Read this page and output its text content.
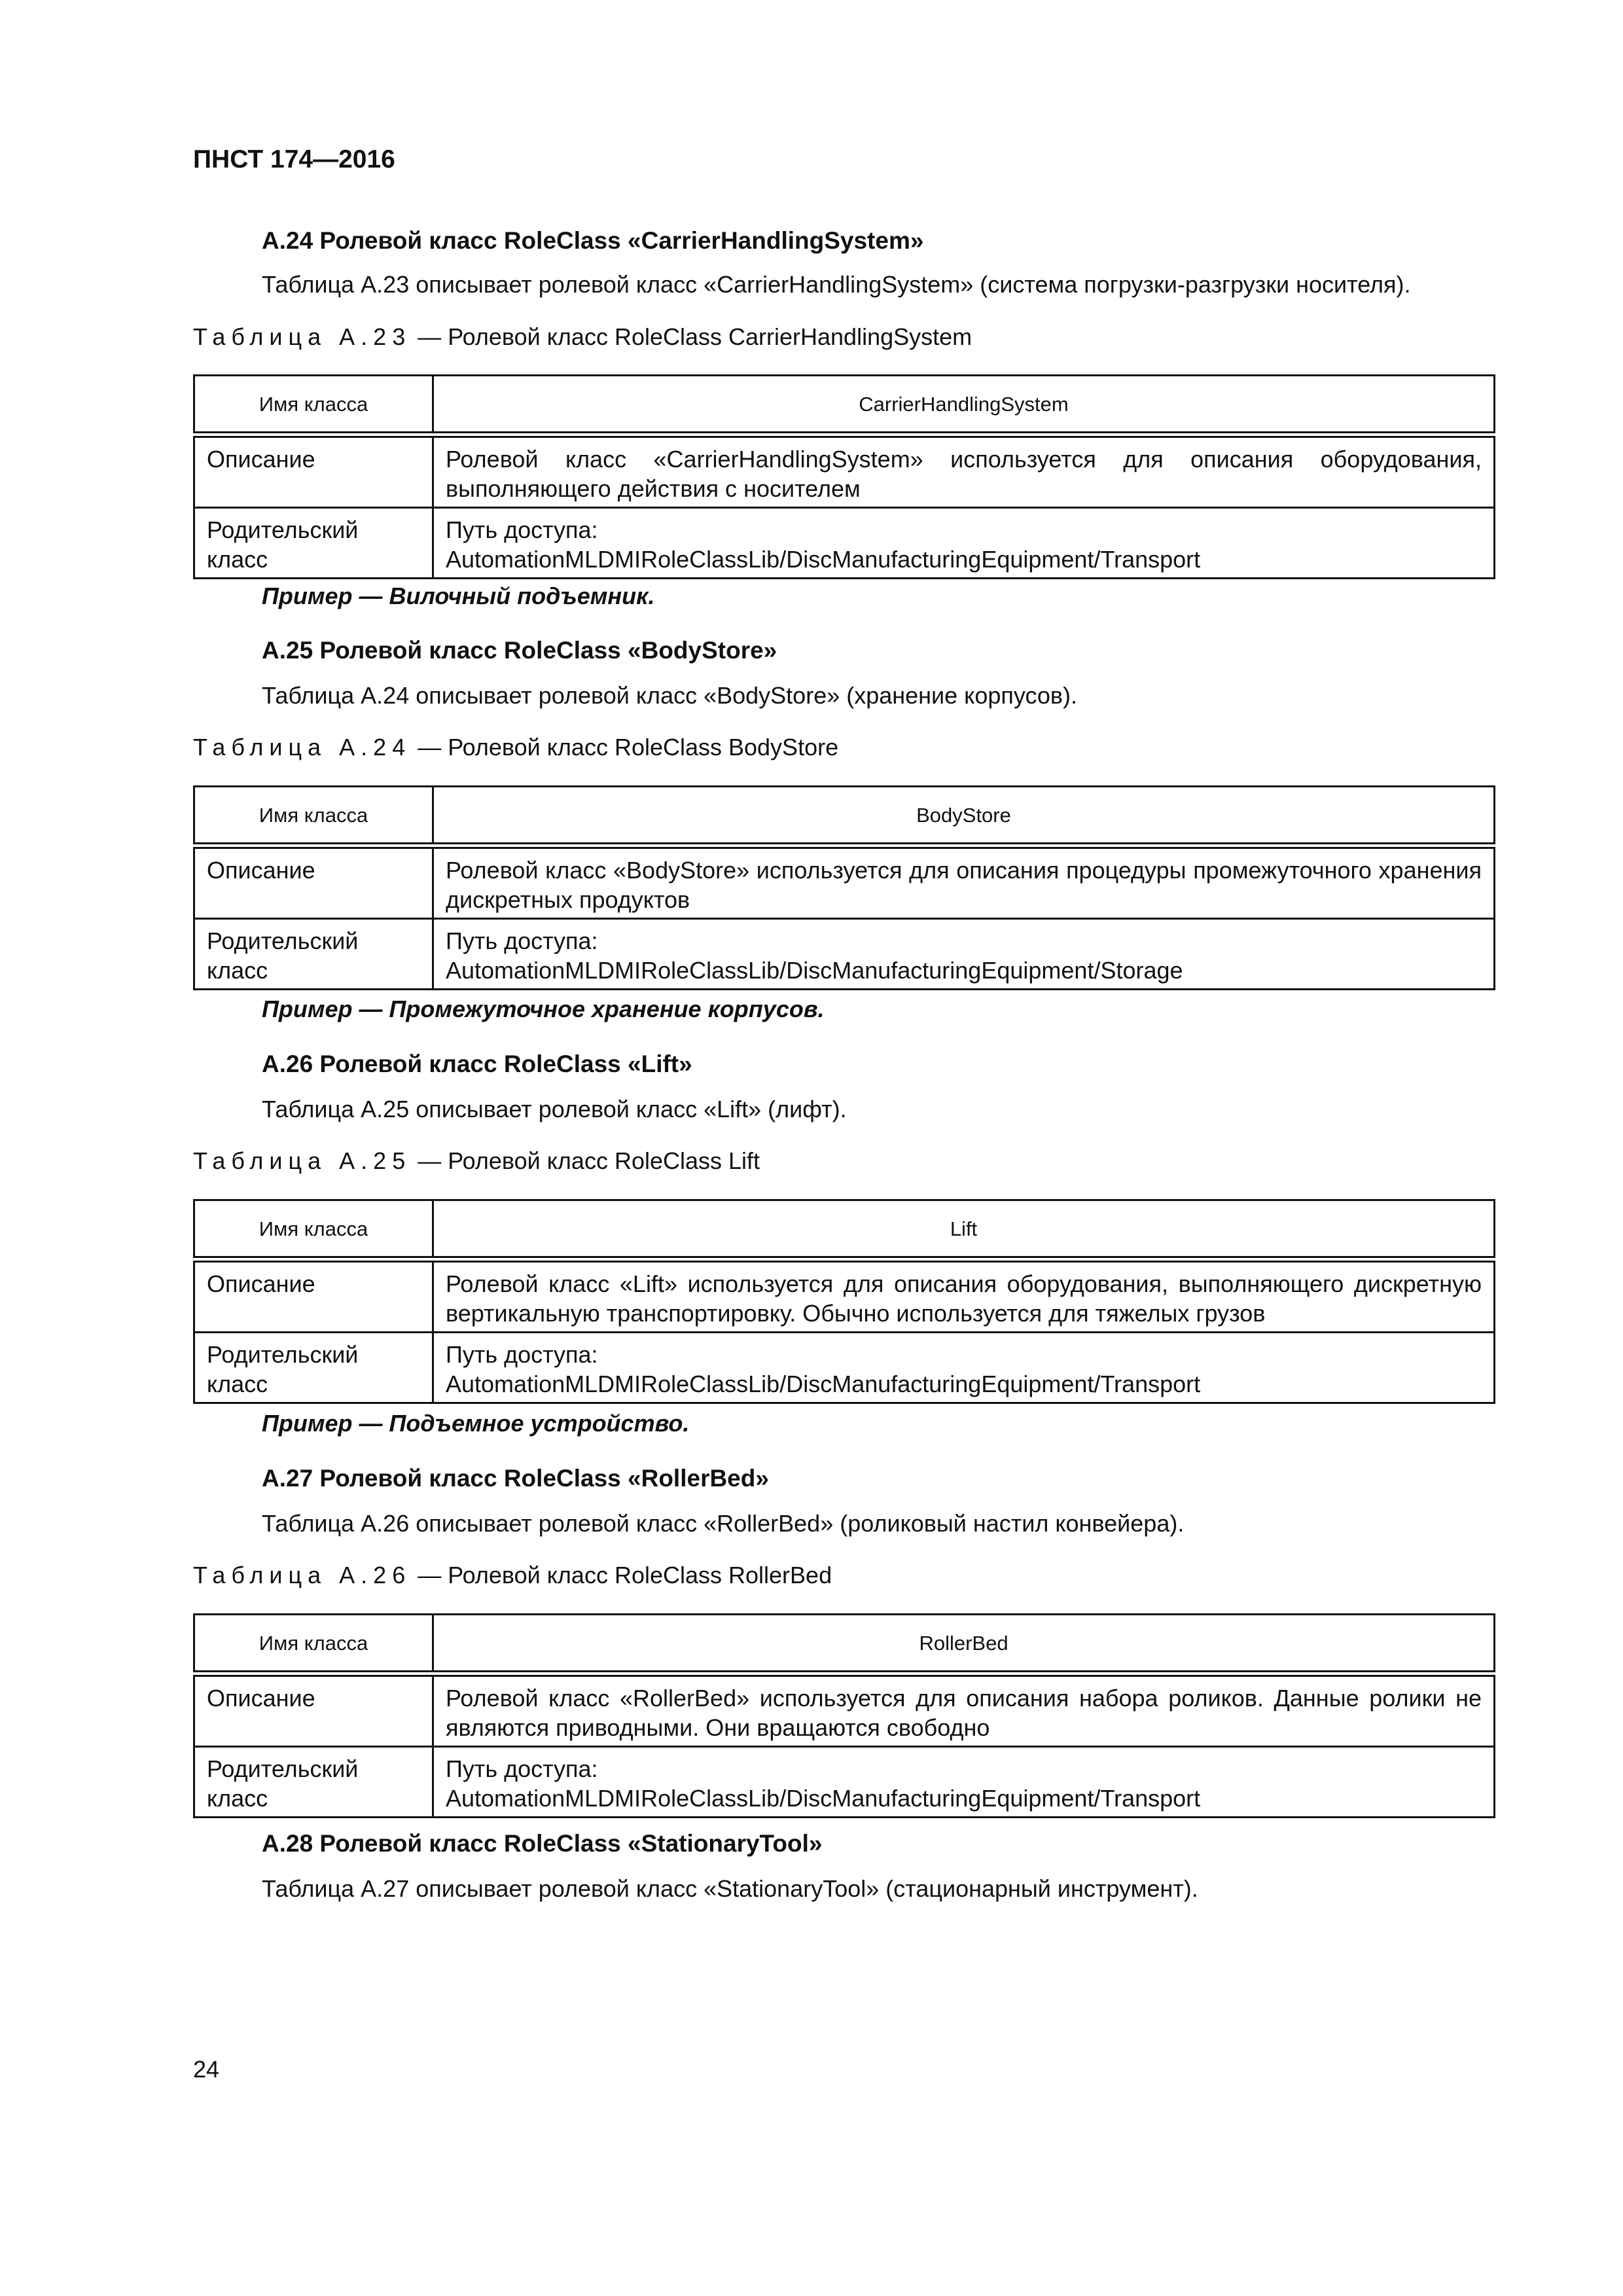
ПНСТ 174—2016
А.24 Ролевой класс RoleClass «CarrierHandlingSystem»
Таблица А.23 описывает ролевой класс «CarrierHandlingSystem» (система погрузки-разгрузки носителя).
Таблица А.23 — Ролевой класс RoleClass CarrierHandlingSystem
Имя класса	CarrierHandlingSystem
Описание	Ролевой класс «CarrierHandlingSystem» используется для описания оборудования, выполняющего действия с носителем
Родительский класс	Путь доступа:
AutomationMLDMIRoleClassLib/DiscManufacturingEquipment/Transport
Пример — Вилочный подъемник.
А.25 Ролевой класс RoleClass «BodyStore»
Таблица А.24 описывает ролевой класс «BodyStore» (хранение корпусов).
Таблица А.24 — Ролевой класс RoleClass BodyStore
Имя класса	BodyStore
Описание	Ролевой класс «BodyStore» используется для описания процедуры промежуточного хранения дискретных продуктов
Родительский класс	Путь доступа:
AutomationMLDMIRoleClassLib/DiscManufacturingEquipment/Storage
Пример — Промежуточное хранение корпусов.
А.26 Ролевой класс RoleClass «Lift»
Таблица А.25 описывает ролевой класс «Lift» (лифт).
Таблица А.25 — Ролевой класс RoleClass Lift
Имя класса	Lift
Описание	Ролевой класс «Lift» используется для описания оборудования, выполняющего дискретную вертикальную транспортировку. Обычно используется для тяжелых грузов
Родительский класс	Путь доступа:
AutomationMLDMIRoleClassLib/DiscManufacturingEquipment/Transport
Пример — Подъемное устройство.
А.27 Ролевой класс RoleClass «RollerBed»
Таблица А.26 описывает ролевой класс «RollerBed» (роликовый настил конвейера).
Таблица А.26 — Ролевой класс RoleClass RollerBed
Имя класса	RollerBed
Описание	Ролевой класс «RollerBed» используется для описания набора роликов. Данные ролики не являются приводными. Они вращаются свободно
Родительский класс	Путь доступа:
AutomationMLDMIRoleClassLib/DiscManufacturingEquipment/Transport
А.28 Ролевой класс RoleClass «StationaryTool»
Таблица А.27 описывает ролевой класс «StationaryTool» (стационарный инструмент).
24
